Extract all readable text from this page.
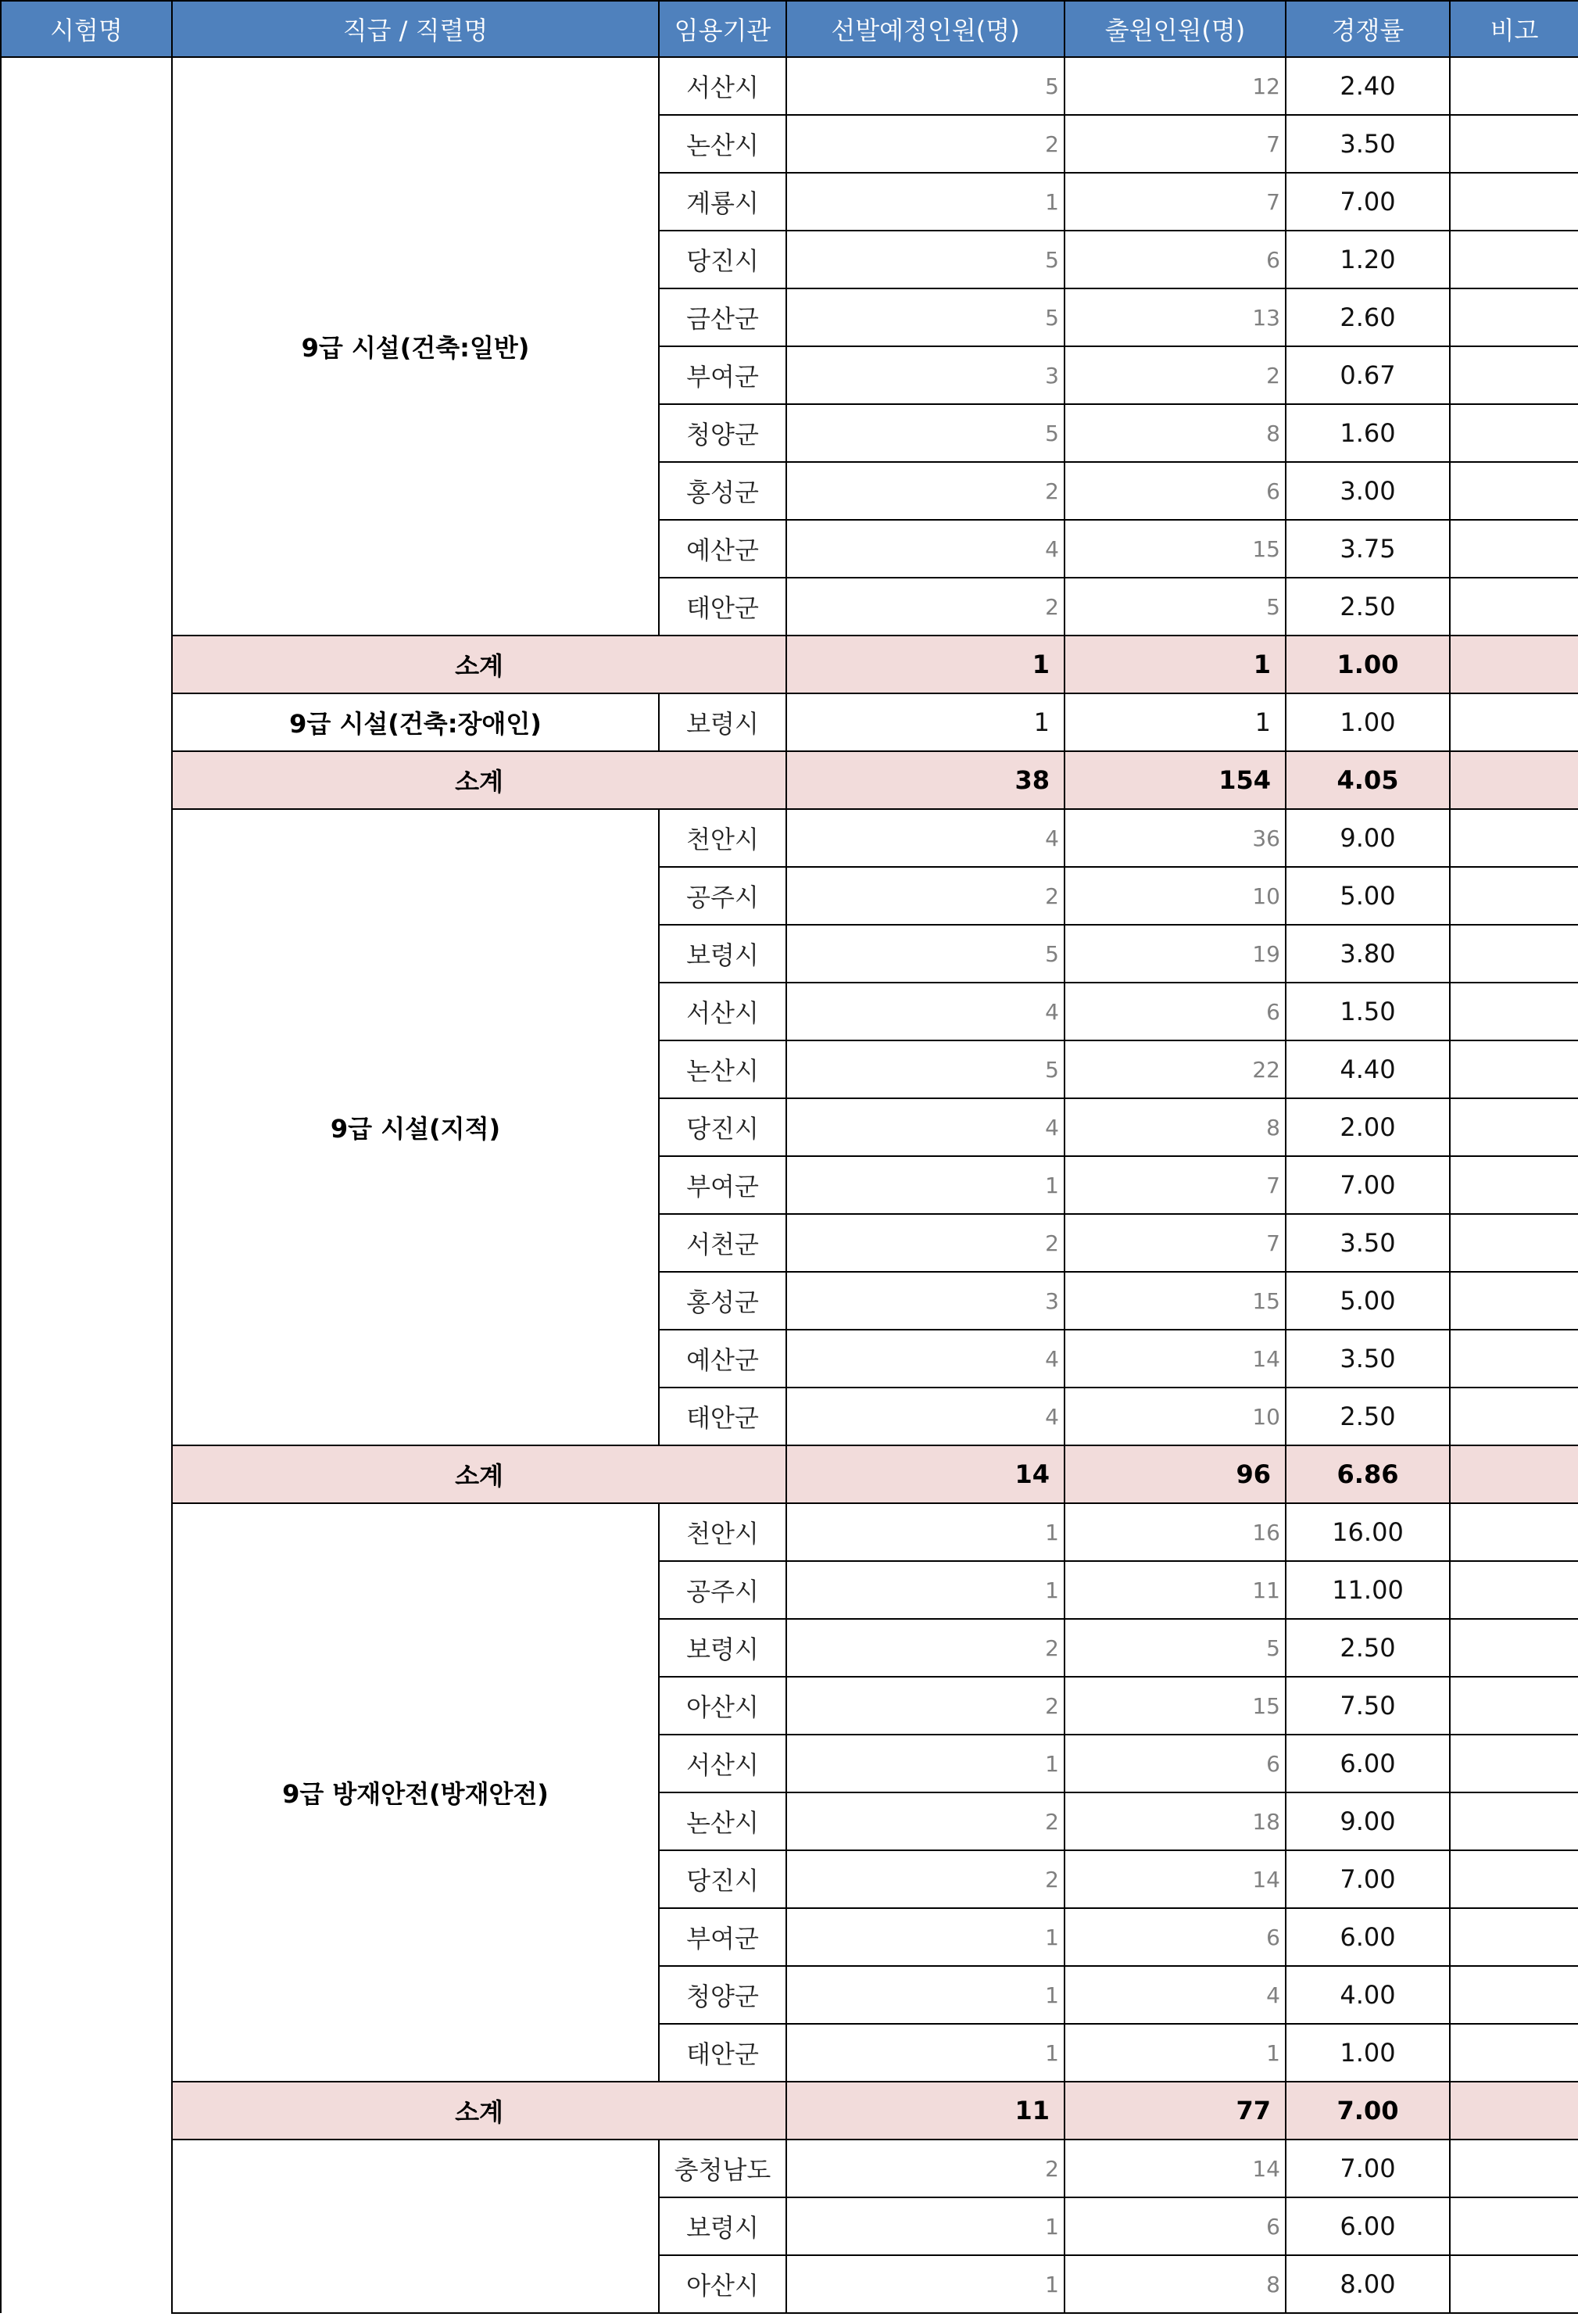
시험명	직급 / 직렬명	임용기관	선발예정인원(명)	출원인원(명)	경쟁률	비고
	9급 시설(건축:일반)	서산시	5	12	2.40	
		논산시	2	7	3.50	
		계룡시	1	7	7.00	
		당진시	5	6	1.20	
		금산군	5	13	2.60	
		부여군	3	2	0.67	
		청양군	5	8	1.60	
		홍성군	2	6	3.00	
		예산군	4	15	3.75	
		태안군	2	5	2.50	
	소계		1	1	1.00	
	9급 시설(건축:장애인)	보령시	1	1	1.00	
	소계		38	154	4.05	
	9급 시설(지적)	천안시	4	36	9.00	
		공주시	2	10	5.00	
		보령시	5	19	3.80	
		서산시	4	6	1.50	
		논산시	5	22	4.40	
		당진시	4	8	2.00	
		부여군	1	7	7.00	
		서천군	2	7	3.50	
		홍성군	3	15	5.00	
		예산군	4	14	3.50	
		태안군	4	10	2.50	
	소계		14	96	6.86	
	9급 방재안전(방재안전)	천안시	1	16	16.00	
		공주시	1	11	11.00	
		보령시	2	5	2.50	
		아산시	2	15	7.50	
		서산시	1	6	6.00	
		논산시	2	18	9.00	
		당진시	2	14	7.00	
		부여군	1	6	6.00	
		청양군	1	4	4.00	
		태안군	1	1	1.00	
	소계		11	77	7.00	
		충청남도	2	14	7.00	
		보령시	1	6	6.00	
		아산시	1	8	8.00	
